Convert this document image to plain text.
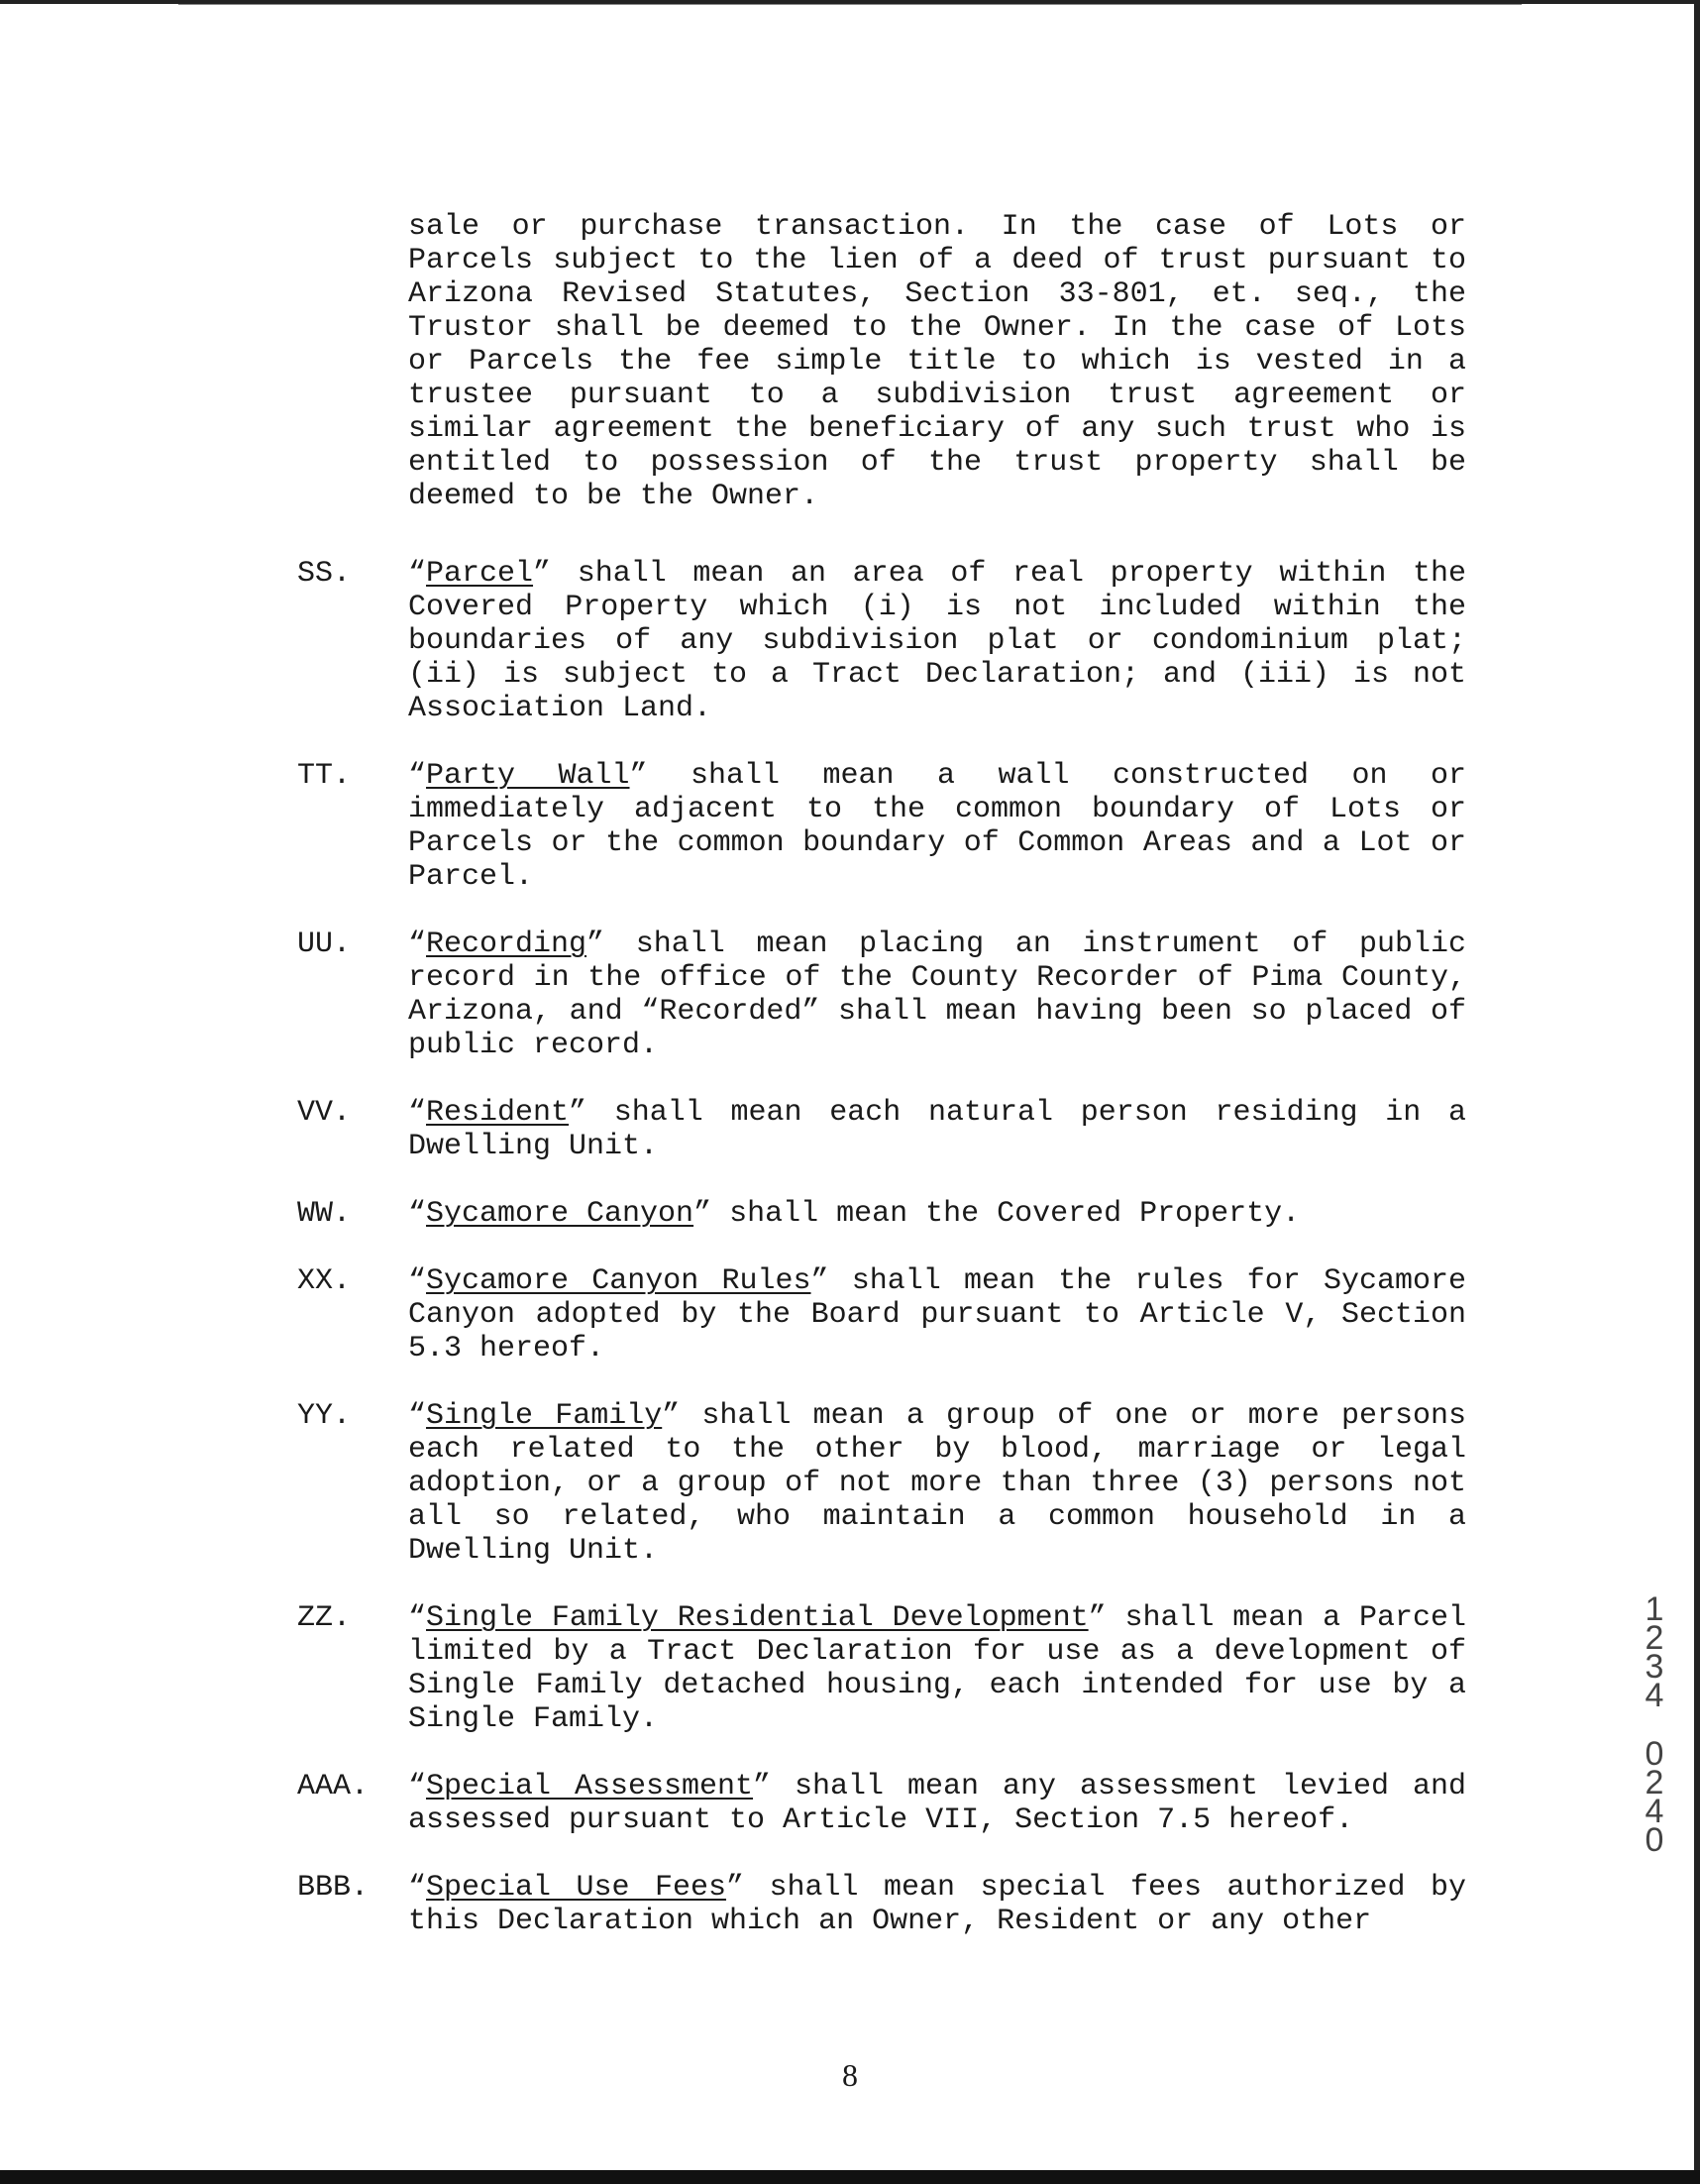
sale or purchase transaction. In the case of Lots or Parcels subject to the lien of a deed of trust pursuant to Arizona Revised Statutes, Section 33-801, et. seq., the Trustor shall be deemed to the Owner. In the case of Lots or Parcels the fee simple title to which is vested in a trustee pursuant to a subdivision trust agreement or similar agreement the beneficiary of any such trust who is entitled to possession of the trust property shall be deemed to be the Owner.
SS. “Parcel” shall mean an area of real property within the Covered Property which (i) is not included within the boundaries of any subdivision plat or condominium plat; (ii) is subject to a Tract Declaration; and (iii) is not Association Land.
TT. “Party Wall” shall mean a wall constructed on or immediately adjacent to the common boundary of Lots or Parcels or the common boundary of Common Areas and a Lot or Parcel.
UU. “Recording” shall mean placing an instrument of public record in the office of the County Recorder of Pima County, Arizona, and “Recorded” shall mean having been so placed of public record.
VV. “Resident” shall mean each natural person residing in a Dwelling Unit.
WW. “Sycamore Canyon” shall mean the Covered Property.
XX. “Sycamore Canyon Rules” shall mean the rules for Sycamore Canyon adopted by the Board pursuant to Article V, Section 5.3 hereof.
YY. “Single Family” shall mean a group of one or more persons each related to the other by blood, marriage or legal adoption, or a group of not more than three (3) persons not all so related, who maintain a common household in a Dwelling Unit.
ZZ. “Single Family Residential Development” shall mean a Parcel limited by a Tract Declaration for use as a development of Single Family detached housing, each intended for use by a Single Family.
AAA. “Special Assessment” shall mean any assessment levied and assessed pursuant to Article VII, Section 7.5 hereof.
BBB. “Special Use Fees” shall mean special fees authorized by this Declaration which an Owner, Resident or any other
1
2
3
4
0
2
4
0
8
